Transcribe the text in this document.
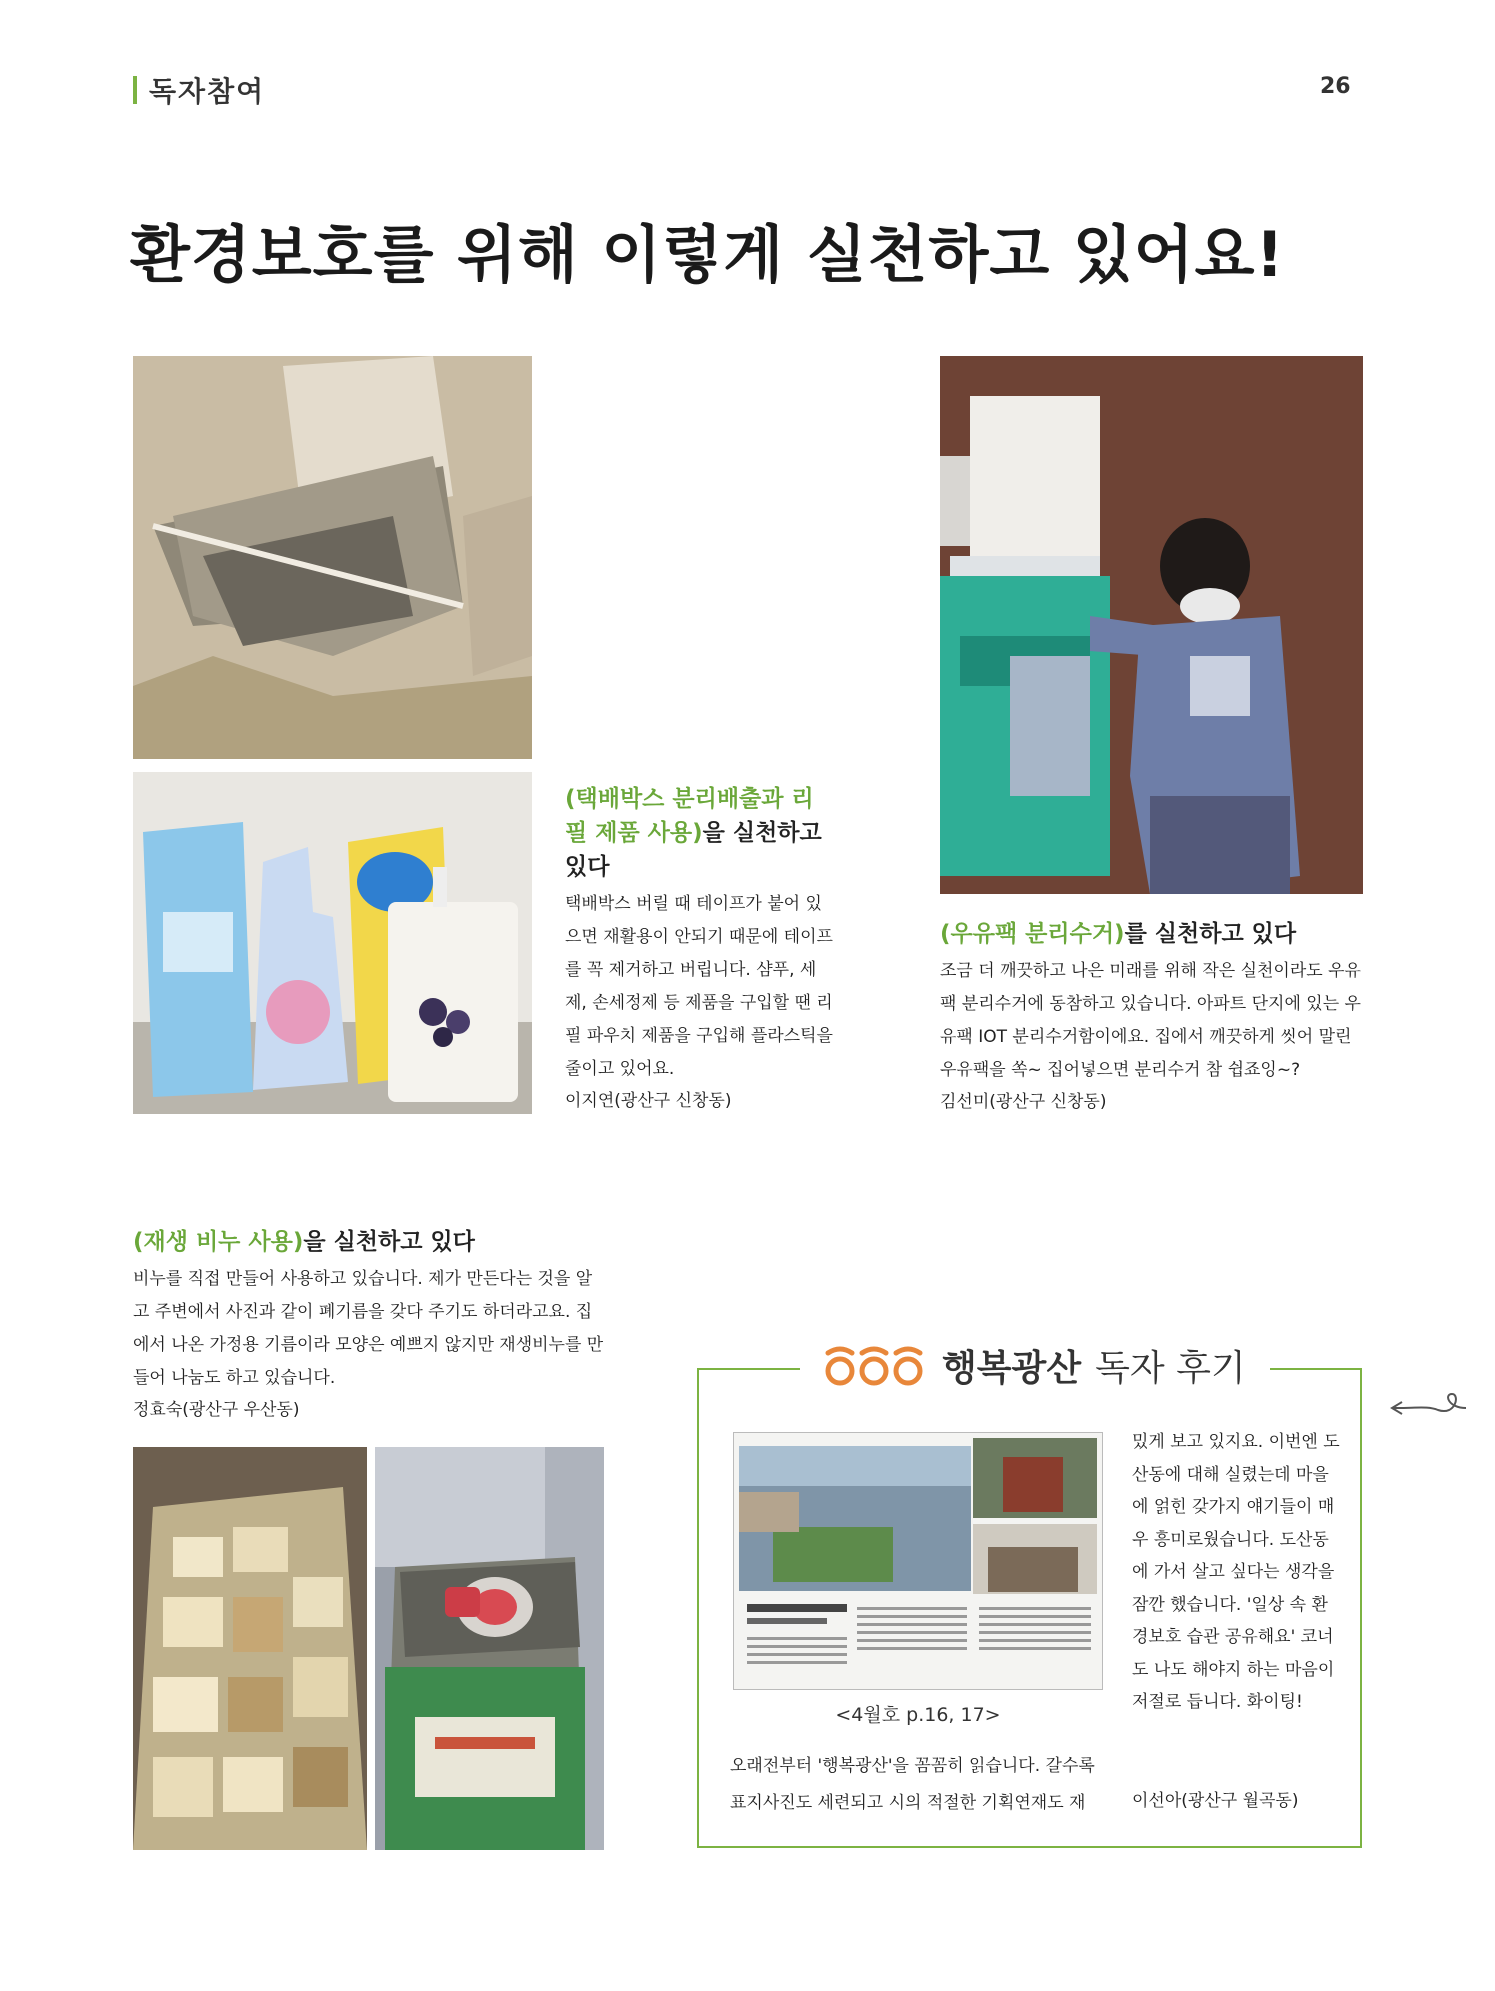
독자참여	26
환경보호를 위해 이렇게 실천하고 있어요!
(택배박스 분리배출과 리필 제품 사용)을 실천하고 있다
택배박스 버릴 때 테이프가 붙어 있으면 재활용이 안되기 때문에 테이프를 꼭 제거하고 버립니다. 샴푸, 세제, 손세정제 등 제품을 구입할 땐 리필 파우치 제품을 구입해 플라스틱을 줄이고 있어요.
이지연(광산구 신창동)
(우유팩 분리수거)를 실천하고 있다
조금 더 깨끗하고 나은 미래를 위해 작은 실천이라도 우유팩 분리수거에 동참하고 있습니다. 아파트 단지에 있는 우유팩 IOT 분리수거함이에요. 집에서 깨끗하게 씻어 말린 우유팩을 쏙~ 집어넣으면 분리수거 참 쉽죠잉~?
김선미(광산구 신창동)
(재생 비누 사용)을 실천하고 있다
비누를 직접 만들어 사용하고 있습니다. 제가 만든다는 것을 알고 주변에서 사진과 같이 폐기름을 갖다 주기도 하더라고요. 집에서 나온 가정용 기름이라 모양은 예쁘지 않지만 재생비누를 만들어 나눔도 하고 있습니다.
정효숙(광산구 우산동)
행복광산 독자 후기
<4월호 p.16, 17>
오래전부터 '행복광산'을 꼼꼼히 읽습니다. 갈수록 표지사진도 세련되고 시의 적절한 기획연재도 재
밌게 보고 있지요. 이번엔 도산동에 대해 실렸는데 마을에 얽힌 갖가지 얘기들이 매우 흥미로웠습니다. 도산동에 가서 살고 싶다는 생각을 잠깐 했습니다. '일상 속 환경보호 습관 공유해요' 코너도 나도 해야지 하는 마음이 저절로 듭니다. 화이팅!
이선아(광산구 월곡동)
